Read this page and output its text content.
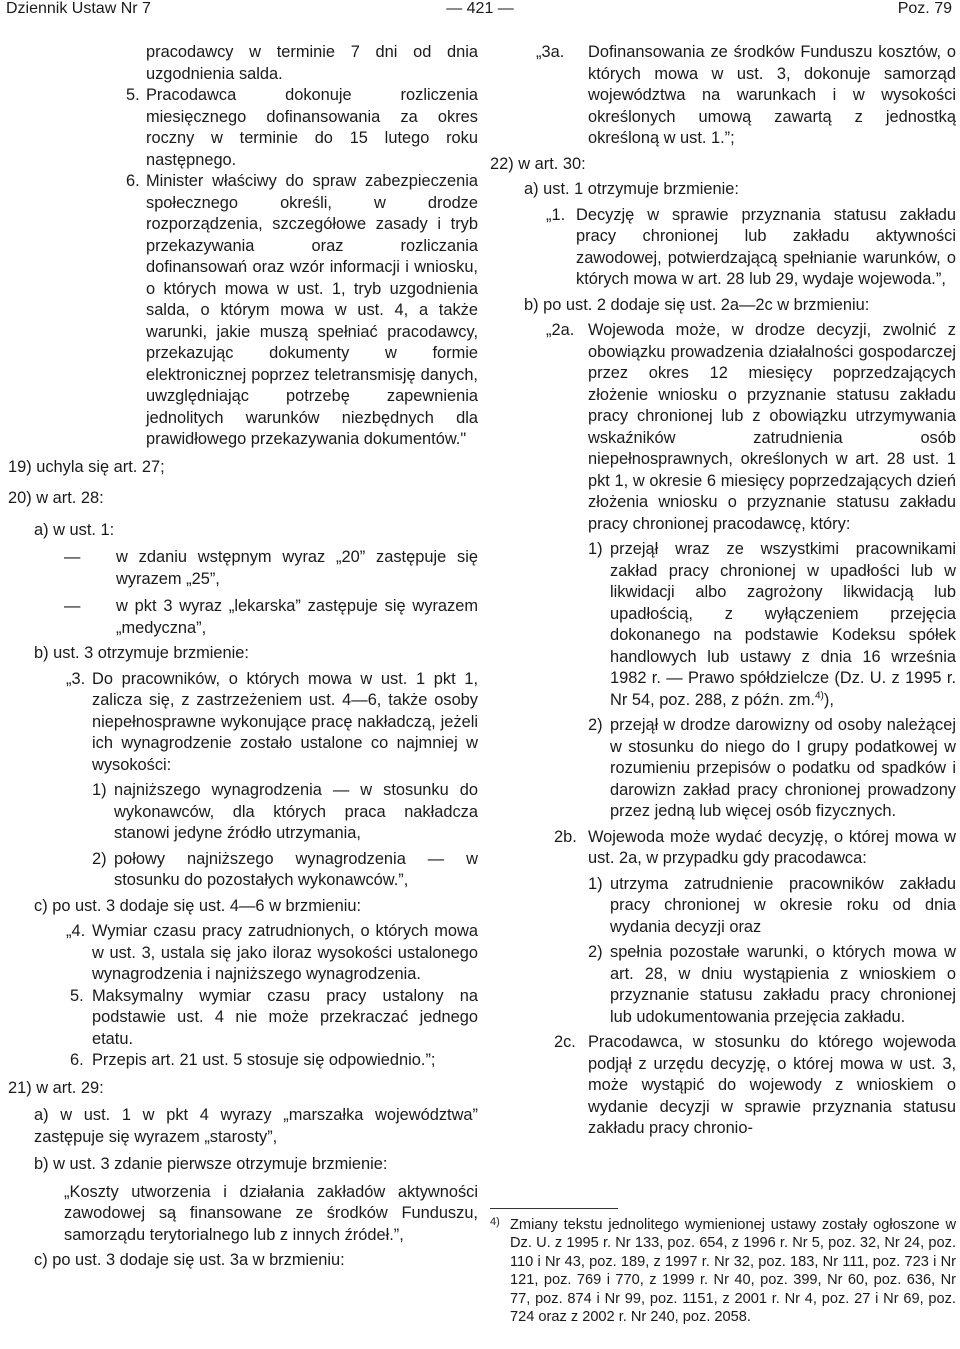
Dziennik Ustaw Nr 7	— 421 —	Poz. 79

pracodawcy w terminie 7 dni od dnia uzgodnienia salda.

5. Pracodawca dokonuje rozliczenia miesięcznego dofinansowania za okres roczny w terminie do 15 lutego roku następnego.
6. Minister właściwy do spraw zabezpieczenia społecznego określi, w drodze rozporządzenia, szczegółowe zasady i tryb przekazywania oraz rozliczania dofinansowań oraz wzór informacji i wniosku, o których mowa w ust. 1, tryb uzgodnienia salda, o którym mowa w ust. 4, a także warunki, jakie muszą spełniać pracodawcy, przekazując dokumenty w formie elektronicznej poprzez teletransmisję danych, uwzględniając potrzebę zapewnienia jednolitych warunków niezbędnych dla prawidłowego przekazywania dokumentów."

19) uchyla się art. 27;

20) w art. 28:

a) w ust. 1:

—	w zdaniu wstępnym wyraz „20” zastępuje się wyrazem „25”,
—	w pkt 3 wyraz „lekarska” zastępuje się wyrazem „medyczna”,

b) ust. 3 otrzymuje brzmienie:

„3. Do pracowników, o których mowa w ust. 1 pkt 1, zalicza się, z zastrzeżeniem ust. 4—6, także osoby niepełnosprawne wykonujące pracę nakładczą, jeżeli ich wynagrodzenie zostało ustalone co najmniej w wysokości:
1) najniższego wynagrodzenia — w stosunku do wykonawców, dla których praca nakładcza stanowi jedyne źródło utrzymania,
2) połowy najniższego wynagrodzenia — w stosunku do pozostałych wykonawców.”,

c) po ust. 3 dodaje się ust. 4—6 w brzmieniu:

„4. Wymiar czasu pracy zatrudnionych, o których mowa w ust. 3, ustala się jako iloraz wysokości ustalonego wynagrodzenia i najniższego wynagrodzenia.
5. Maksymalny wymiar czasu pracy ustalony na podstawie ust. 4 nie może przekraczać jednego etatu.
6. Przepis art. 21 ust. 5 stosuje się odpowiednio.”;

21) w art. 29:

a) w ust. 1 w pkt 4 wyrazy „marszałka województwa” zastępuje się wyrazem „starosty”,

b) w ust. 3 zdanie pierwsze otrzymuje brzmienie:

„Koszty utworzenia i działania zakładów aktywności zawodowej są finansowane ze środków Funduszu, samorządu terytorialnego lub z innych źródeł.”,

c) po ust. 3 dodaje się ust. 3a w brzmieniu:

„3a.	Dofinansowania ze środków Funduszu kosztów, o których mowa w ust. 3, dokonuje samorząd województwa na warunkach i w wysokości określonych umową zawartą z jednostką określoną w ust. 1.”;

22) w art. 30:

a) ust. 1 otrzymuje brzmienie:

„1. Decyzję w sprawie przyznania statusu zakładu pracy chronionej lub zakładu aktywności zawodowej, potwierdzającą spełnianie warunków, o których mowa w art. 28 lub 29, wydaje wojewoda.”,

b) po ust. 2 dodaje się ust. 2a—2c w brzmieniu:

„2a. Wojewoda może, w drodze decyzji, zwolnić z obowiązku prowadzenia działalności gospodarczej przez okres 12 miesięcy poprzedzających złożenie wniosku o przyznanie statusu zakładu pracy chronionej lub z obowiązku utrzymywania wskaźników zatrudnienia osób niepełnosprawnych, określonych w art. 28 ust. 1 pkt 1, w okresie 6 miesięcy poprzedzających dzień złożenia wniosku o przyznanie statusu zakładu pracy chronionej pracodawcę, który:
1) przejął wraz ze wszystkimi pracownikami zakład pracy chronionej w upadłości lub w likwidacji albo zagrożony likwidacją lub upadłością, z wyłączeniem przejęcia dokonanego na podstawie Kodeksu spółek handlowych lub ustawy z dnia 16 września 1982 r. — Prawo spółdzielcze (Dz. U. z 1995 r. Nr 54, poz. 288, z późn. zm.$^{4)}$),
2) przejął w drodze darowizny od osoby należącej w stosunku do niego do I grupy podatkowej w rozumieniu przepisów o podatku od spadków i darowizn zakład pracy chronionej prowadzony przez jedną lub więcej osób fizycznych.
2b. Wojewoda może wydać decyzję, o której mowa w ust. 2a, w przypadku gdy pracodawca:
1) utrzyma zatrudnienie pracowników zakładu pracy chronionej w okresie roku od dnia wydania decyzji oraz
2) spełnia pozostałe warunki, o których mowa w art. 28, w dniu wystąpienia z wnioskiem o przyznanie statusu zakładu pracy chronionej lub udokumentowania przejęcia zakładu.
2c. Pracodawca, w stosunku do którego wojewoda podjął z urzędu decyzję, o której mowa w ust. 3, może wystąpić do wojewody z wnioskiem o wydanie decyzji w sprawie przyznania statusu zakładu pracy chronio-
4) Zmiany tekstu jednolitego wymienionej ustawy zostały ogłoszone w Dz. U. z 1995 r. Nr 133, poz. 654, z 1996 r. Nr 5, poz. 32, Nr 24, poz. 110 i Nr 43, poz. 189, z 1997 r. Nr 32, poz. 183, Nr 111, poz. 723 i Nr 121, poz. 769 i 770, z 1999 r. Nr 40, poz. 399, Nr 60, poz. 636, Nr 77, poz. 874 i Nr 99, poz. 1151, z 2001 r. Nr 4, poz. 27 i Nr 69, poz. 724 oraz z 2002 r. Nr 240, poz. 2058.
